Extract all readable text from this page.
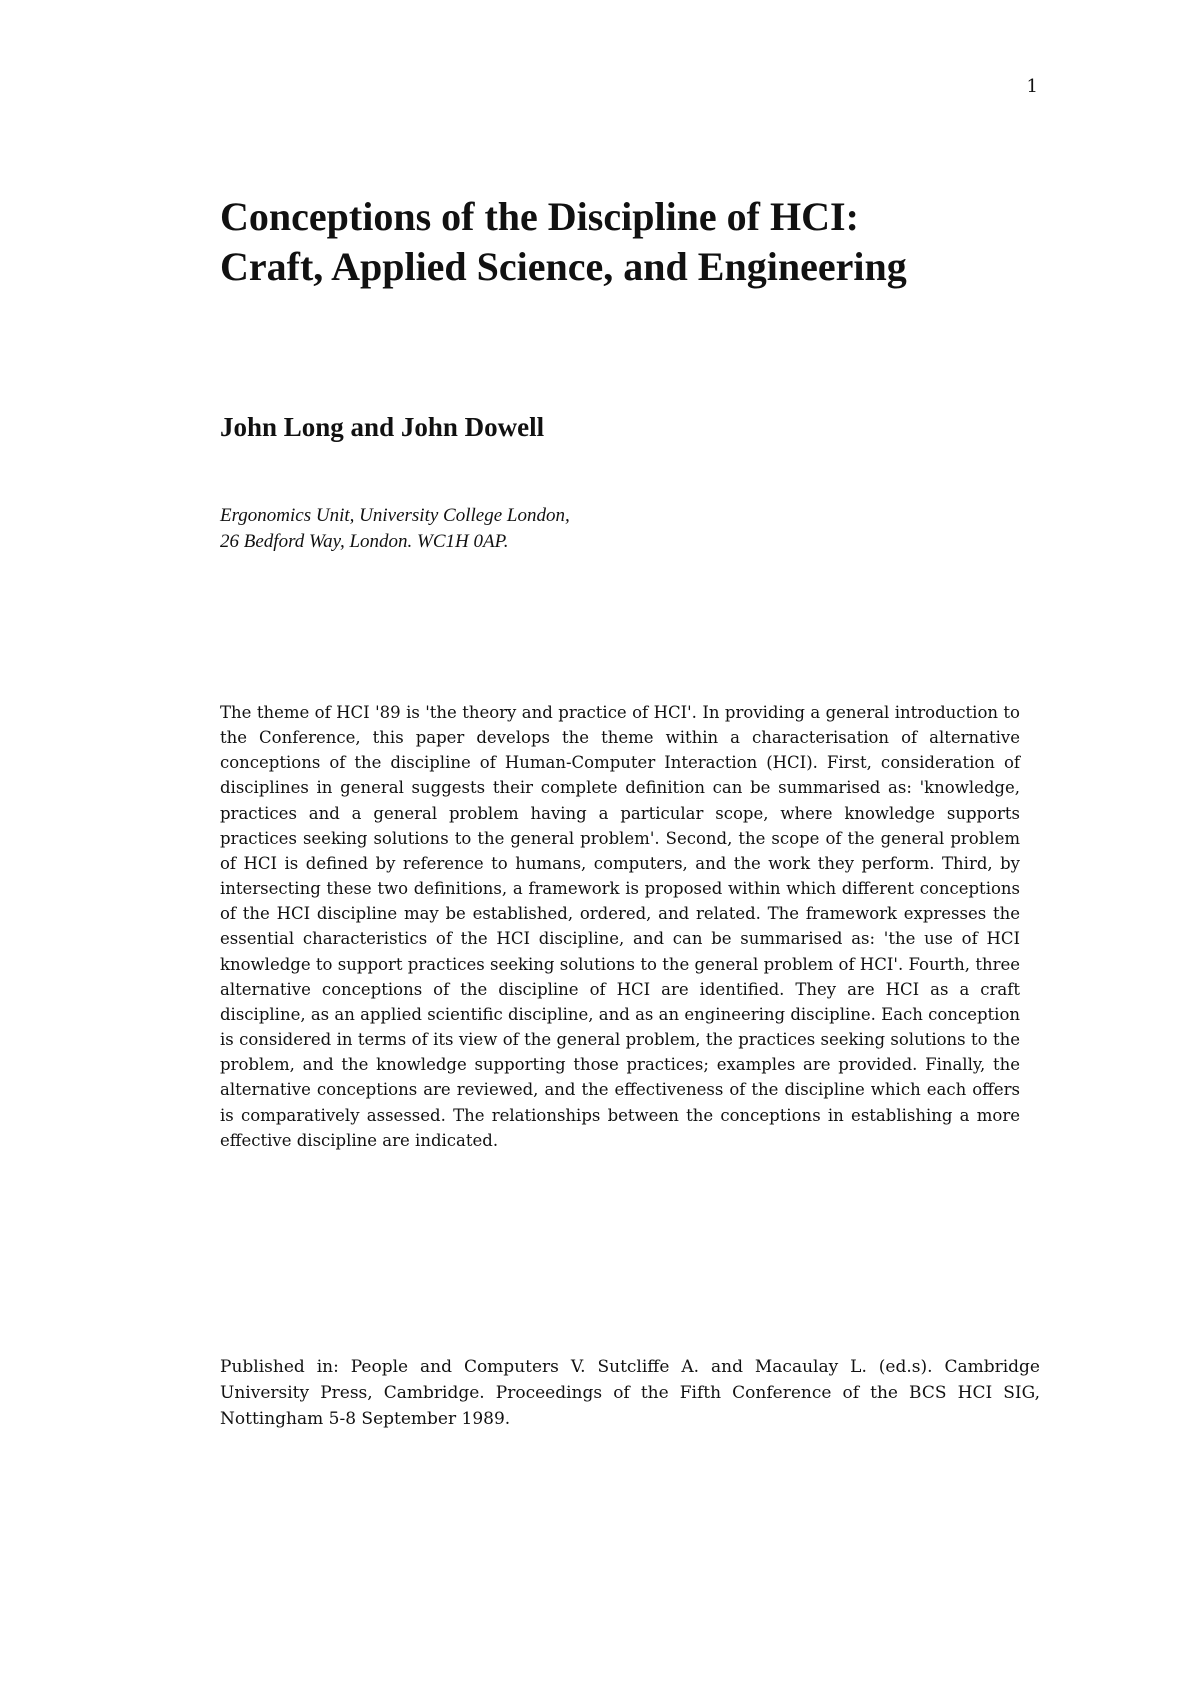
1
Conceptions of the Discipline of HCI:
Craft, Applied Science, and Engineering
John Long and John Dowell
Ergonomics Unit, University College London,
26 Bedford Way, London. WC1H 0AP.

The theme of HCI '89 is 'the theory and practice of HCI'. In providing a general introduction to the Conference, this paper develops the theme within a characterisation of alternative conceptions of the discipline of Human-Computer Interaction (HCI). First, consideration of disciplines in general suggests their complete definition can be summarised as: 'knowledge, practices and a general problem having a particular scope, where knowledge supports practices seeking solutions to the general problem'. Second, the scope of the general problem of HCI is defined by reference to humans, computers, and the work they perform. Third, by intersecting these two definitions, a framework is proposed within which different conceptions of the HCI discipline may be established, ordered, and related. The framework expresses the essential characteristics of the HCI discipline, and can be summarised as: 'the use of HCI knowledge to support practices seeking solutions to the general problem of HCI'. Fourth, three alternative conceptions of the discipline of HCI are identified. They are HCI as a craft discipline, as an applied scientific discipline, and as an engineering discipline. Each conception is considered in terms of its view of the general problem, the practices seeking solutions to the problem, and the knowledge supporting those practices; examples are provided. Finally, the alternative conceptions are reviewed, and the effectiveness of the discipline which each offers is comparatively assessed. The relationships between the conceptions in establishing a more effective discipline are indicated.

Published in: People and Computers V. Sutcliffe A. and Macaulay L. (ed.s). Cambridge University Press, Cambridge. Proceedings of the Fifth Conference of the BCS HCI SIG, Nottingham 5-8 September 1989.
